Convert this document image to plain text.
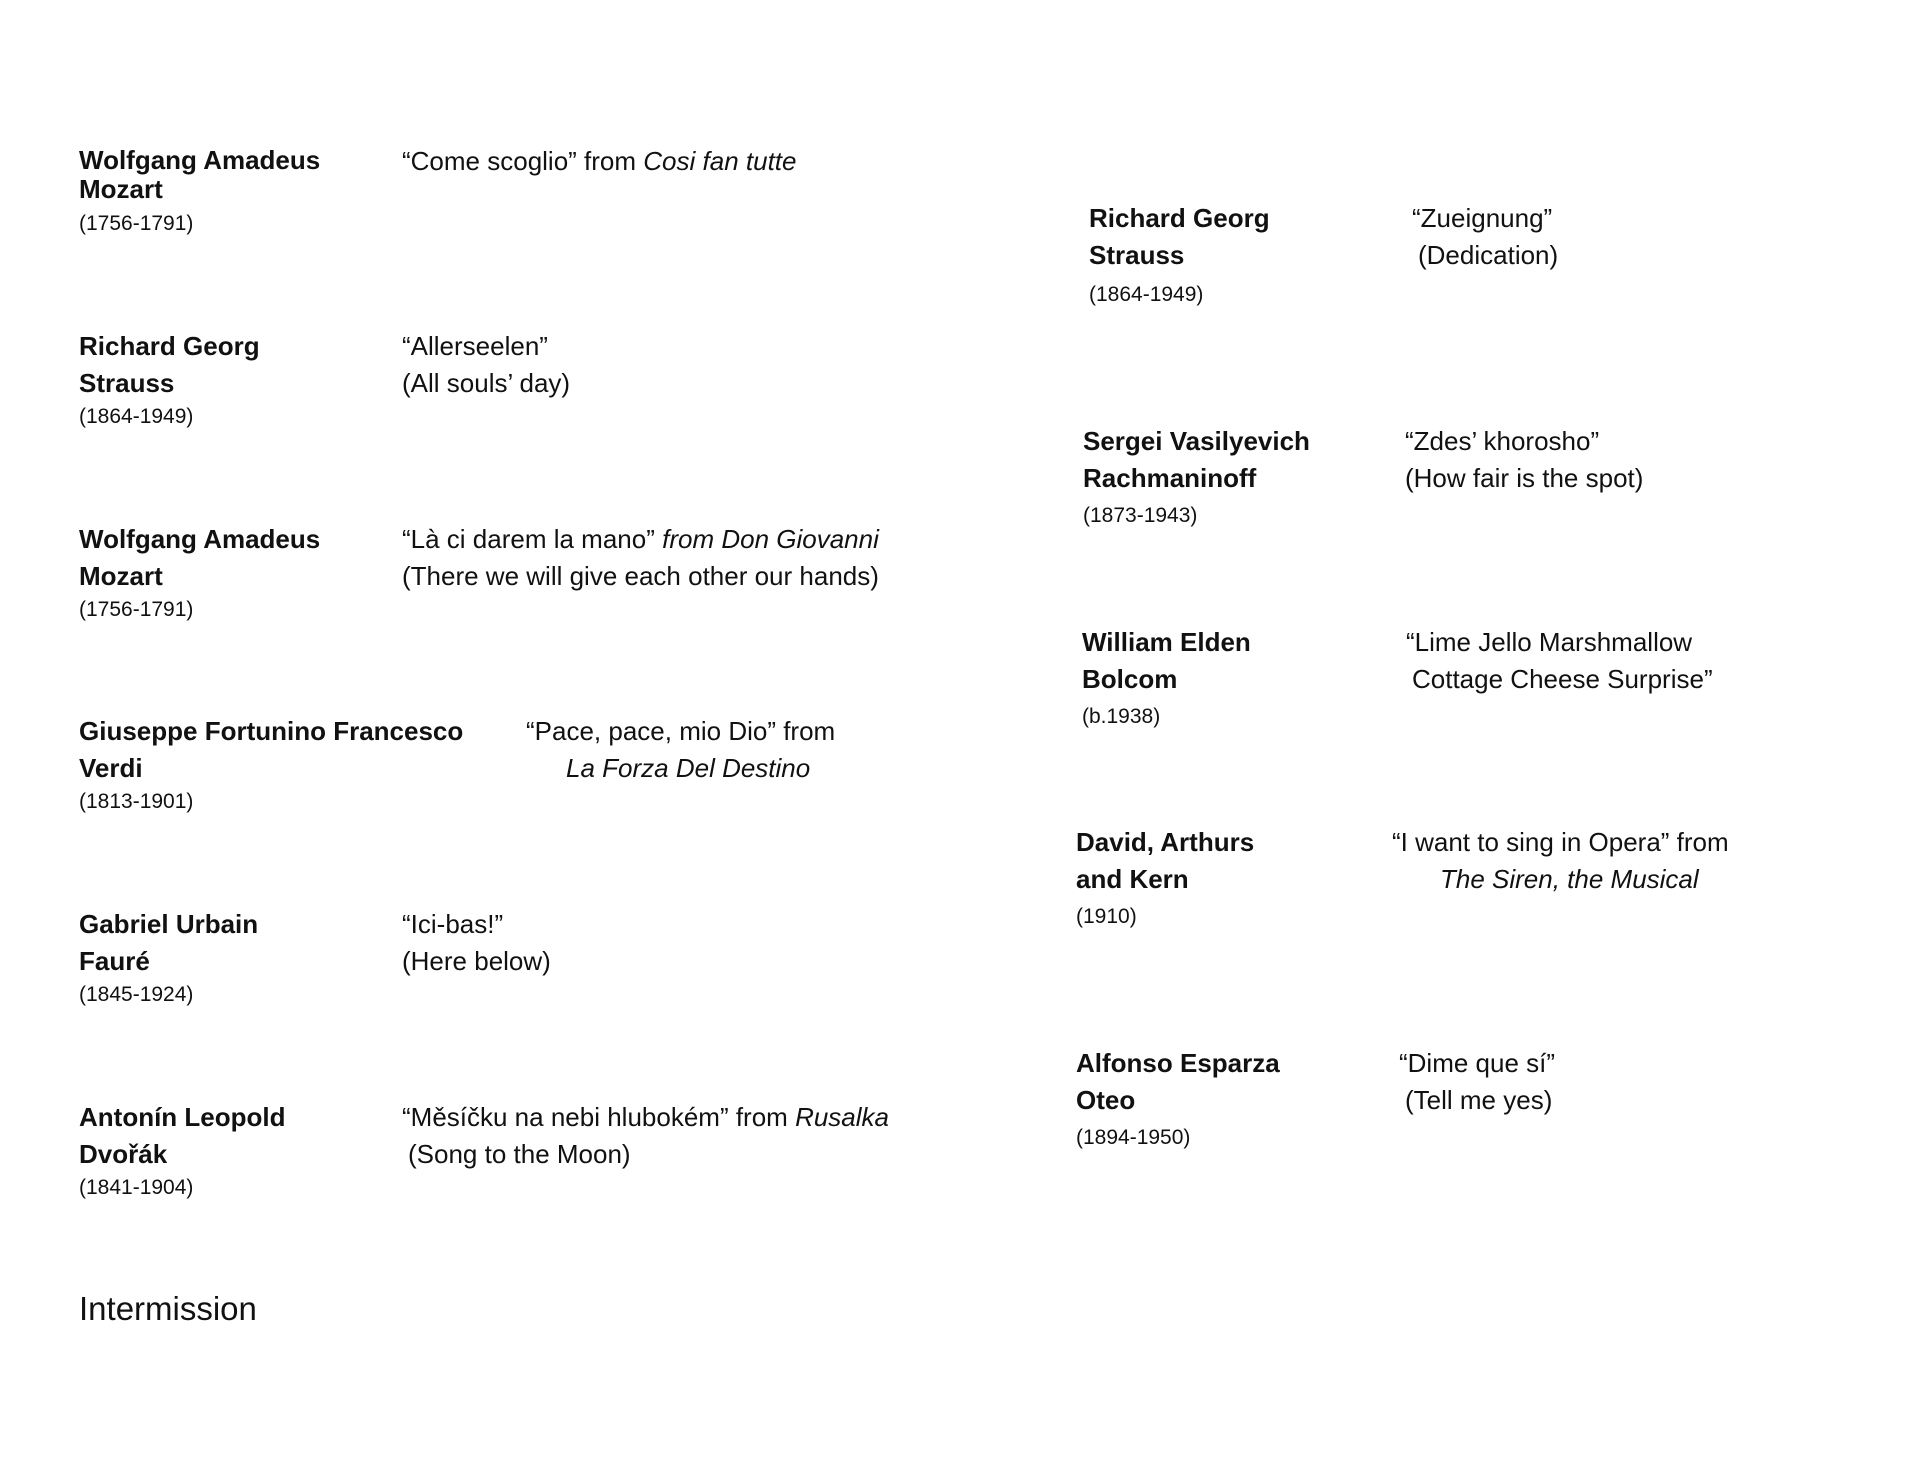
Wolfgang Amadeus
Mozart
(1756-1791)
“Come scoglio” from Cosi fan tutte
Richard Georg
Strauss
(1864-1949)
“Allerseelen”
(All souls’ day)
Wolfgang Amadeus
Mozart
(1756-1791)
“Là ci darem la mano” from Don Giovanni
(There we will give each other our hands)
Giuseppe Fortunino Francesco
Verdi
(1813-1901)
“Pace, pace, mio Dio” from
La Forza Del Destino
Gabriel Urbain
Fauré
(1845-1924)
“Ici-bas!”
(Here below)
Antonín Leopold
Dvořák
(1841-1904)
“Měsíčku na nebi hlubokém” from Rusalka
(Song to the Moon)
Intermission
Richard Georg
Strauss
(1864-1949)
“Zueignung”
(Dedication)
Sergei Vasilyevich
Rachmaninoff
(1873-1943)
“Zdes’ khorosho”
(How fair is the spot)
William Elden
Bolcom
(b.1938)
“Lime Jello Marshmallow
Cottage Cheese Surprise”
David, Arthurs
and Kern
(1910)
“I want to sing in Opera” from
The Siren, the Musical
Alfonso Esparza
Oteo
(1894-1950)
“Dime que sí”
(Tell me yes)
